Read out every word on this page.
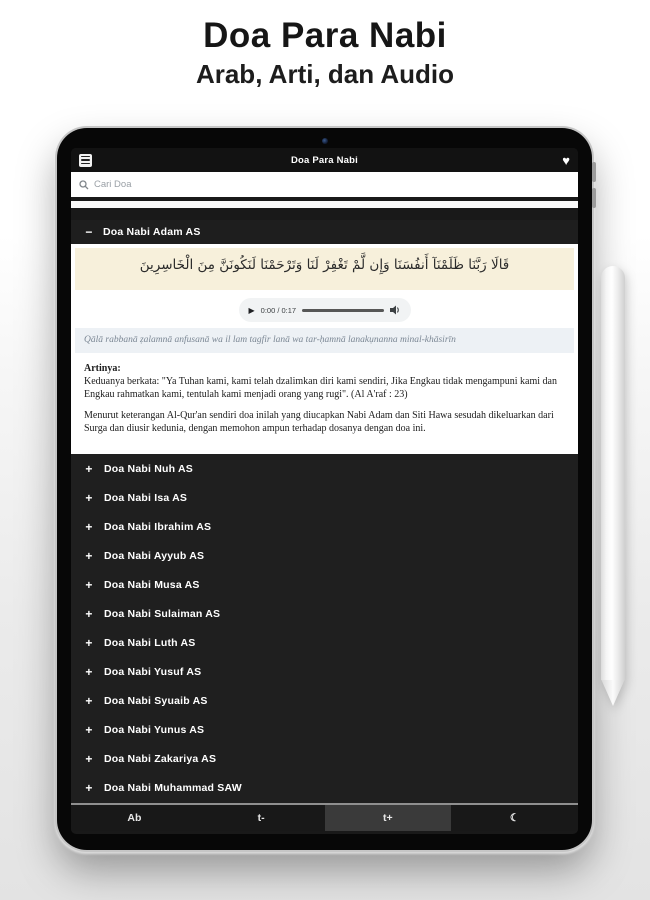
Doa Para Nabi
Arab, Arti, dan Audio
Doa Para Nabi	♥
Cari Doa
− Doa Nabi Adam AS
قَالَا رَبَّنَا ظَلَمْنَآ أَنفُسَنَا وَإِن لَّمْ تَغْفِرْ لَنَا وَتَرْحَمْنَا لَنَكُونَنَّ مِنَ الْخَاسِرِينَ
▶ 0:00 / 0:17
Qālā rabbanā ẓalamnā anfusanā wa il lam tagfir lanā wa tar-ḥamnā lanakụnanna minal-khāsirīn
Artinya:
Keduanya berkata: "Ya Tuhan kami, kami telah dzalimkan diri kami sendiri, Jika Engkau tidak mengampuni kami dan Engkau rahmatkan kami, tentulah kami menjadi orang yang rugi". (Al A'raf : 23)
Menurut keterangan Al-Qur'an sendiri doa inilah yang diucapkan Nabi Adam dan Siti Hawa sesudah dikeluarkan dari Surga dan diusir kedunia, dengan memohon ampun terhadap dosanya dengan doa ini.
+ Doa Nabi Nuh AS
+ Doa Nabi Isa AS
+ Doa Nabi Ibrahim AS
+ Doa Nabi Ayyub AS
+ Doa Nabi Musa AS
+ Doa Nabi Sulaiman AS
+ Doa Nabi Luth AS
+ Doa Nabi Yusuf AS
+ Doa Nabi Syuaib AS
+ Doa Nabi Yunus AS
+ Doa Nabi Zakariya AS
+ Doa Nabi Muhammad SAW
Ab	t-	t+	☾
